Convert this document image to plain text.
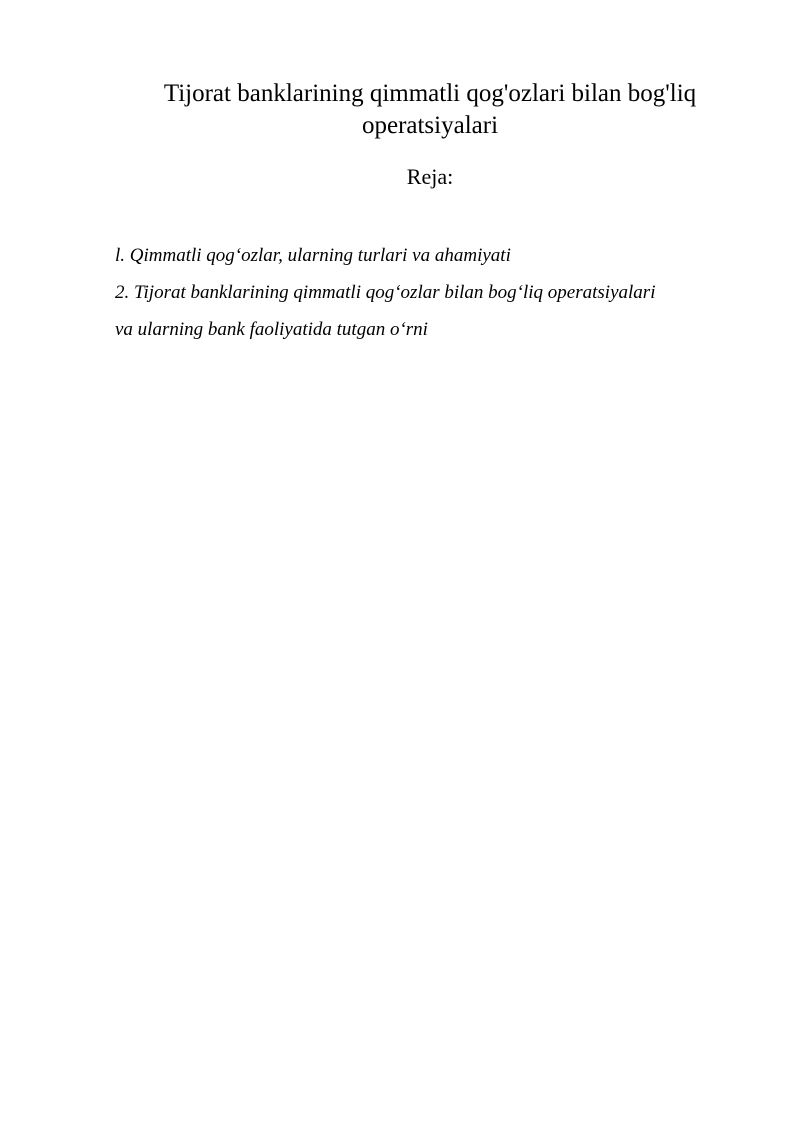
Tijorat banklarining qimmatli qog'ozlari bilan bog'liq
operatsiyalari
Reja:
l. Qimmatli qog‘ozlar, ularning turlari va ahamiyati
2. Tijorat banklarining qimmatli qog‘ozlar bilan bog‘liq operatsiyalari
va ularning bank faoliyatida tutgan o‘rni
